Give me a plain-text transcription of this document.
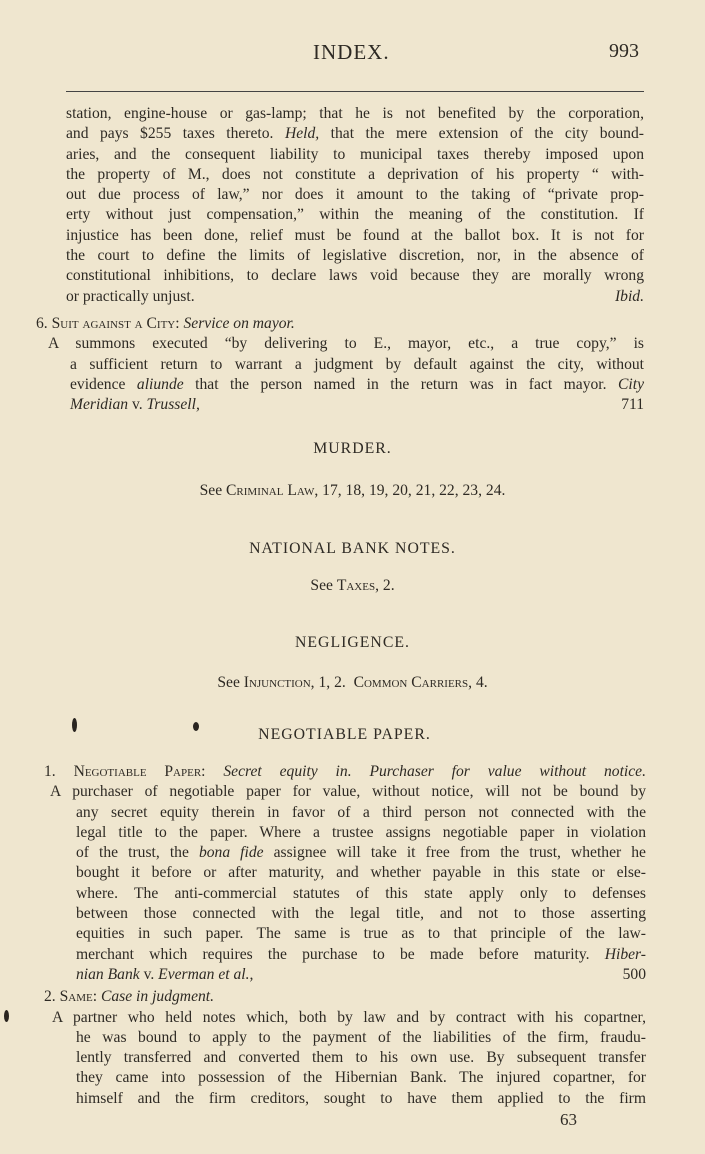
INDEX.	993
station, engine-house or gas-lamp; that he is not benefited by the corporation,
and pays $255 taxes thereto. Held, that the mere extension of the city bound-
aries, and the consequent liability to municipal taxes thereby imposed upon
the property of M., does not constitute a deprivation of his property “ with-
out due process of law,” nor does it amount to the taking of “private prop-
erty without just compensation,” within the meaning of the constitution. If
injustice has been done, relief must be found at the ballot box. It is not for
the court to define the limits of legislative discretion, nor, in the absence of
constitutional inhibitions, to declare laws void because they are morally wrong
or practically unjust.	Ibid.
6. Suit against a City: Service on mayor.
A summons executed “by delivering to E., mayor, etc., a true copy,” is
a sufficient return to warrant a judgment by default against the city, without
evidence aliunde that the person named in the return was in fact mayor. City
Meridian v. Trussell,	711
MURDER.
See Criminal Law, 17, 18, 19, 20, 21, 22, 23, 24.
NATIONAL BANK NOTES.
See Taxes, 2.
NEGLIGENCE.
See Injunction, 1, 2. Common Carriers, 4.
NEGOTIABLE PAPER.
1. Negotiable Paper: Secret equity in. Purchaser for value without notice.
A purchaser of negotiable paper for value, without notice, will not be bound by
any secret equity therein in favor of a third person not connected with the
legal title to the paper. Where a trustee assigns negotiable paper in violation
of the trust, the bona fide assignee will take it free from the trust, whether he
bought it before or after maturity, and whether payable in this state or else-
where. The anti-commercial statutes of this state apply only to defenses
between those connected with the legal title, and not to those asserting
equities in such paper. The same is true as to that principle of the law-
merchant which requires the purchase to be made before maturity. Hiber-
nian Bank v. Everman et al.,	500
2. Same: Case in judgment.
A partner who held notes which, both by law and by contract with his copartner,
he was bound to apply to the payment of the liabilities of the firm, fraudu-
lently transferred and converted them to his own use. By subsequent transfer
they came into possession of the Hibernian Bank. The injured copartner, for
himself and the firm creditors, sought to have them applied to the firm
63
